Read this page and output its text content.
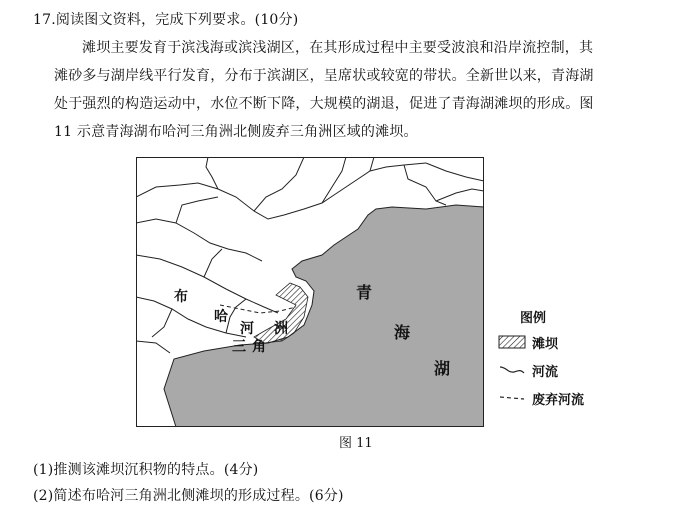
17.阅读图文资料，完成下列要求。(10分)
滩坝主要发育于滨浅海或滨浅湖区，在其形成过程中主要受波浪和沿岸流控制，其
滩砂多与湖岸线平行发育，分布于滨湖区，呈席状或较宽的带状。全新世以来，青海湖
处于强烈的构造运动中，水位不断下降，大规模的湖退，促进了青海湖滩坝的形成。图
11 示意青海湖布哈河三角洲北侧废弃三角洲区域的滩坝。
布
哈
河 洲
三 角
青
海
湖
图例
滩坝
河流
废弃河流
图 11
(1)推测该滩坝沉积物的特点。(4分)
(2)简述布哈河三角洲北侧滩坝的形成过程。(6分)
